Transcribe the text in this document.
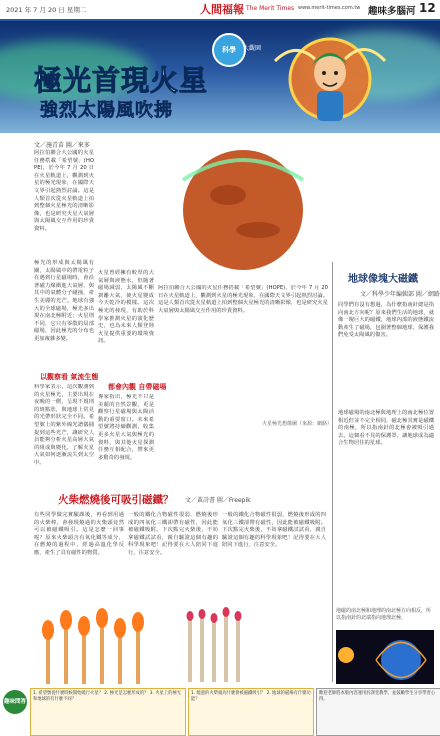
2021 年 7 月 20 日 星期二	人間福報 The Merit Times www.merit-times.com.tw 趣味多腦河 12
科學	大觀園
極光首現火星
強烈太陽風吹拂
文／施青苗 圖／來多
阿拉伯聯合大公國的火星任務搭載「希望號」(HOPE)，於今年 7 月 20 日在火星軌道上，觀測到火星的極光現象，在國際天文界引起熱烈討論。這是人類首次從火星軌道上拍到整個火星極光的清晰影像，也是研究火星大氣層與太陽風交互作用的珍貴資料。
極光的形成與太陽風有關，太陽風中的帶電粒子在遇到行星磁場時，會沿著磁力線衝進大氣層，與其中的氣體分子碰撞，產生美麗的光芒。地球有強大的全球磁場，極光多出現在南北極附近；火星則不同，它只有零散的局部磁場，因此極光的分布也更加複雜多變。
以觀察看 氣流生態
科學家表示，這次觀測到的火星極光，主要出現在夜晚的一側，呈現不規則的斑點狀，與地球上常見的光帶形狀完全不同。希望號上的紫外線光譜儀捕捉到這些光芒，讓研究人員能夠分析火星高層大氣的組成與變化，了解火星大氣如何逐漸流失到太空中。
火星曾經擁有較厚的大氣層與液態水，但隨著磁場減弱，太陽風不斷剝離大氣，使火星變成今天乾冷的模樣。這次極光的發現，有助於科學家推測火星的演化歷史，也為未來人類登陸火星提供重要的環境資訊。
都會內觀 自帶磁場
專家指出，極光不只是美麗的自然景觀，更是觀察行星磁場與太陽活動的重要窗口。未來希望號將持續觀測，收集更多火星大氣與極光的資料，與其他火星探測任務互相配合，帶來更多驚奇的發現。
阿拉伯聯合大公國的火星任務搭載「希望號」(HOPE)，於今年 7 月 20 日在火星軌道上，觀測到火星的極光現象，在國際天文界引起熱烈討論。這是人類首次從火星軌道上拍到整個火星極光的清晰影像，也是研究火星大氣層與太陽風交互作用的珍貴資料。
火星極光想像圖（來源：網路）
地球像塊大磁鐵
文／科學少年編輯部 圖／網路
同學們有沒有想過，為什麼指南針總是指向南北方向呢？原來我們生活的地球，就像一塊巨大的磁鐵，地球內部的液態鐵流動產生了磁場，包圍著整個地球，保護我們免受太陽風的傷害。
地球磁場的南北極與地理上的南北極位置相近但並不完全相同，磁北極其實是磁鐵的南極，所以指南針的北極會被吸引過去。這個看不見的保護罩，讓地球成為適合生物居住的星球。
地磁的南北極和地理的南北極方向相反，所以指南針的北端指向地理北極。
火柴燃燒後可吸引磁鐵？ 文／黃詩書 圖／Freepik
有些同學做完實驗課後，再看到用過的火柴棒，會發現燒過的火柴頭竟然可以被磁鐵吸引。這是怎麼一回事呢？原來火柴頭含有氧化鐵等成分，在燃燒的過程中，經過高溫化學反應，產生了具有磁性的物質。
一般的鐵化合物磁性很弱，燃燒後形成的四氧化三鐵卻帶有磁性，因此能被磁鐵吸附。下次點完火柴後，不妨拿磁鐵試試看，親自驗證這個有趣的科學現象吧！記得要在大人陪同下進行，注意安全。
一般的鐵化合物磁性很弱，燃燒後形成的四氧化三鐵卻帶有磁性，因此能被磁鐵吸附。下次點完火柴後，不妨拿磁鐵試試看，親自驗證這個有趣的科學現象吧！記得要在大人陪同下進行，注意安全。
趣味問答
1. 希望號從什麼時候開始繞行火星？ 2. 極光是怎麼形成的？ 3. 火星上的極光和地球的有什麼不同？
1. 燒過的火柴頭為什麼會被磁鐵吸引？ 2. 地球的磁場有什麼功能？
歡迎老師將本版內容運用於課堂教學，並鼓勵學生分享學習心得。
